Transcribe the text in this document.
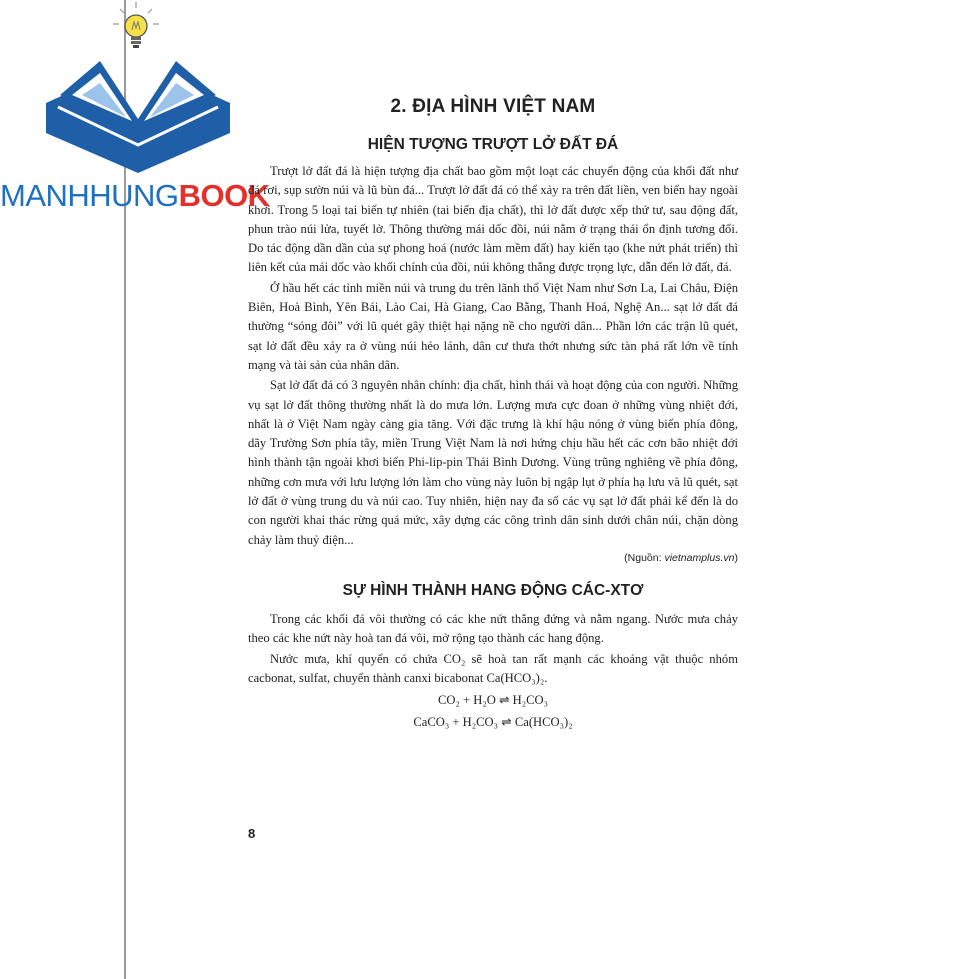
MANHHUNGBOOK
2. ĐỊA HÌNH VIỆT NAM
HIỆN TƯỢNG TRƯỢT LỞ ĐẤT ĐÁ

Trượt lở đất đá là hiện tượng địa chất bao gồm một loạt các chuyển động của khối đất như đá rơi, sụp sườn núi và lũ bùn đá... Trượt lở đất đá có thể xảy ra trên đất liền, ven biển hay ngoài khơi. Trong 5 loại tai biến tự nhiên (tai biến địa chất), thì lở đất được xếp thứ tư, sau động đất, phun trào núi lửa, tuyết lở. Thông thường mái dốc đồi, núi nằm ở trạng thái ổn định tương đối. Do tác động dần dần của sự phong hoá (nước làm mềm đất) hay kiến tạo (khe nứt phát triển) thì liên kết của mái dốc vào khối chính của đồi, núi không thắng được trọng lực, dẫn đến lở đất, đá.

Ở hầu hết các tỉnh miền núi và trung du trên lãnh thổ Việt Nam như Sơn La, Lai Châu, Điện Biên, Hoà Bình, Yên Bái, Lào Cai, Hà Giang, Cao Bằng, Thanh Hoá, Nghệ An... sạt lở đất đá thường “sóng đôi” với lũ quét gây thiệt hại nặng nề cho người dân... Phần lớn các trận lũ quét, sạt lở đất đều xảy ra ở vùng núi hẻo lánh, dân cư thưa thớt nhưng sức tàn phá rất lớn về tính mạng và tài sản của nhân dân.

Sạt lở đất đá có 3 nguyên nhân chính: địa chất, hình thái và hoạt động của con người. Những vụ sạt lở đất thông thường nhất là do mưa lớn. Lượng mưa cực đoan ở những vùng nhiệt đới, nhất là ở Việt Nam ngày càng gia tăng. Với đặc trưng là khí hậu nóng ở vùng biển phía đông, dãy Trường Sơn phía tây, miền Trung Việt Nam là nơi hứng chịu hầu hết các cơn bão nhiệt đới hình thành tận ngoài khơi biển Phi-lip-pin Thái Bình Dương. Vùng trũng nghiêng về phía đông, những cơn mưa với lưu lượng lớn làm cho vùng này luôn bị ngập lụt ở phía hạ lưu và lũ quét, sạt lở đất ở vùng trung du và núi cao. Tuy nhiên, hiện nay đa số các vụ sạt lở đất phải kể đến là do con người khai thác rừng quá mức, xây dựng các công trình dân sinh dưới chân núi, chặn dòng chảy làm thuỷ điện...

(Nguồn: vietnamplus.vn)
SỰ HÌNH THÀNH HANG ĐỘNG CÁC-XTƠ

Trong các khối đá vôi thường có các khe nứt thẳng đứng và nằm ngang. Nước mưa chảy theo các khe nứt này hoà tan đá vôi, mở rộng tạo thành các hang động.

Nước mưa, khí quyển có chứa CO₂ sẽ hoà tan rất mạnh các khoáng vật thuộc nhóm cacbonat, sulfat, chuyển thành canxi bicabonat Ca(HCO₃)₂.

CO₂ + H₂O ⇌ H₂CO₃
CaCO₃ + H₂CO₃ ⇌ Ca(HCO₃)₂
8
